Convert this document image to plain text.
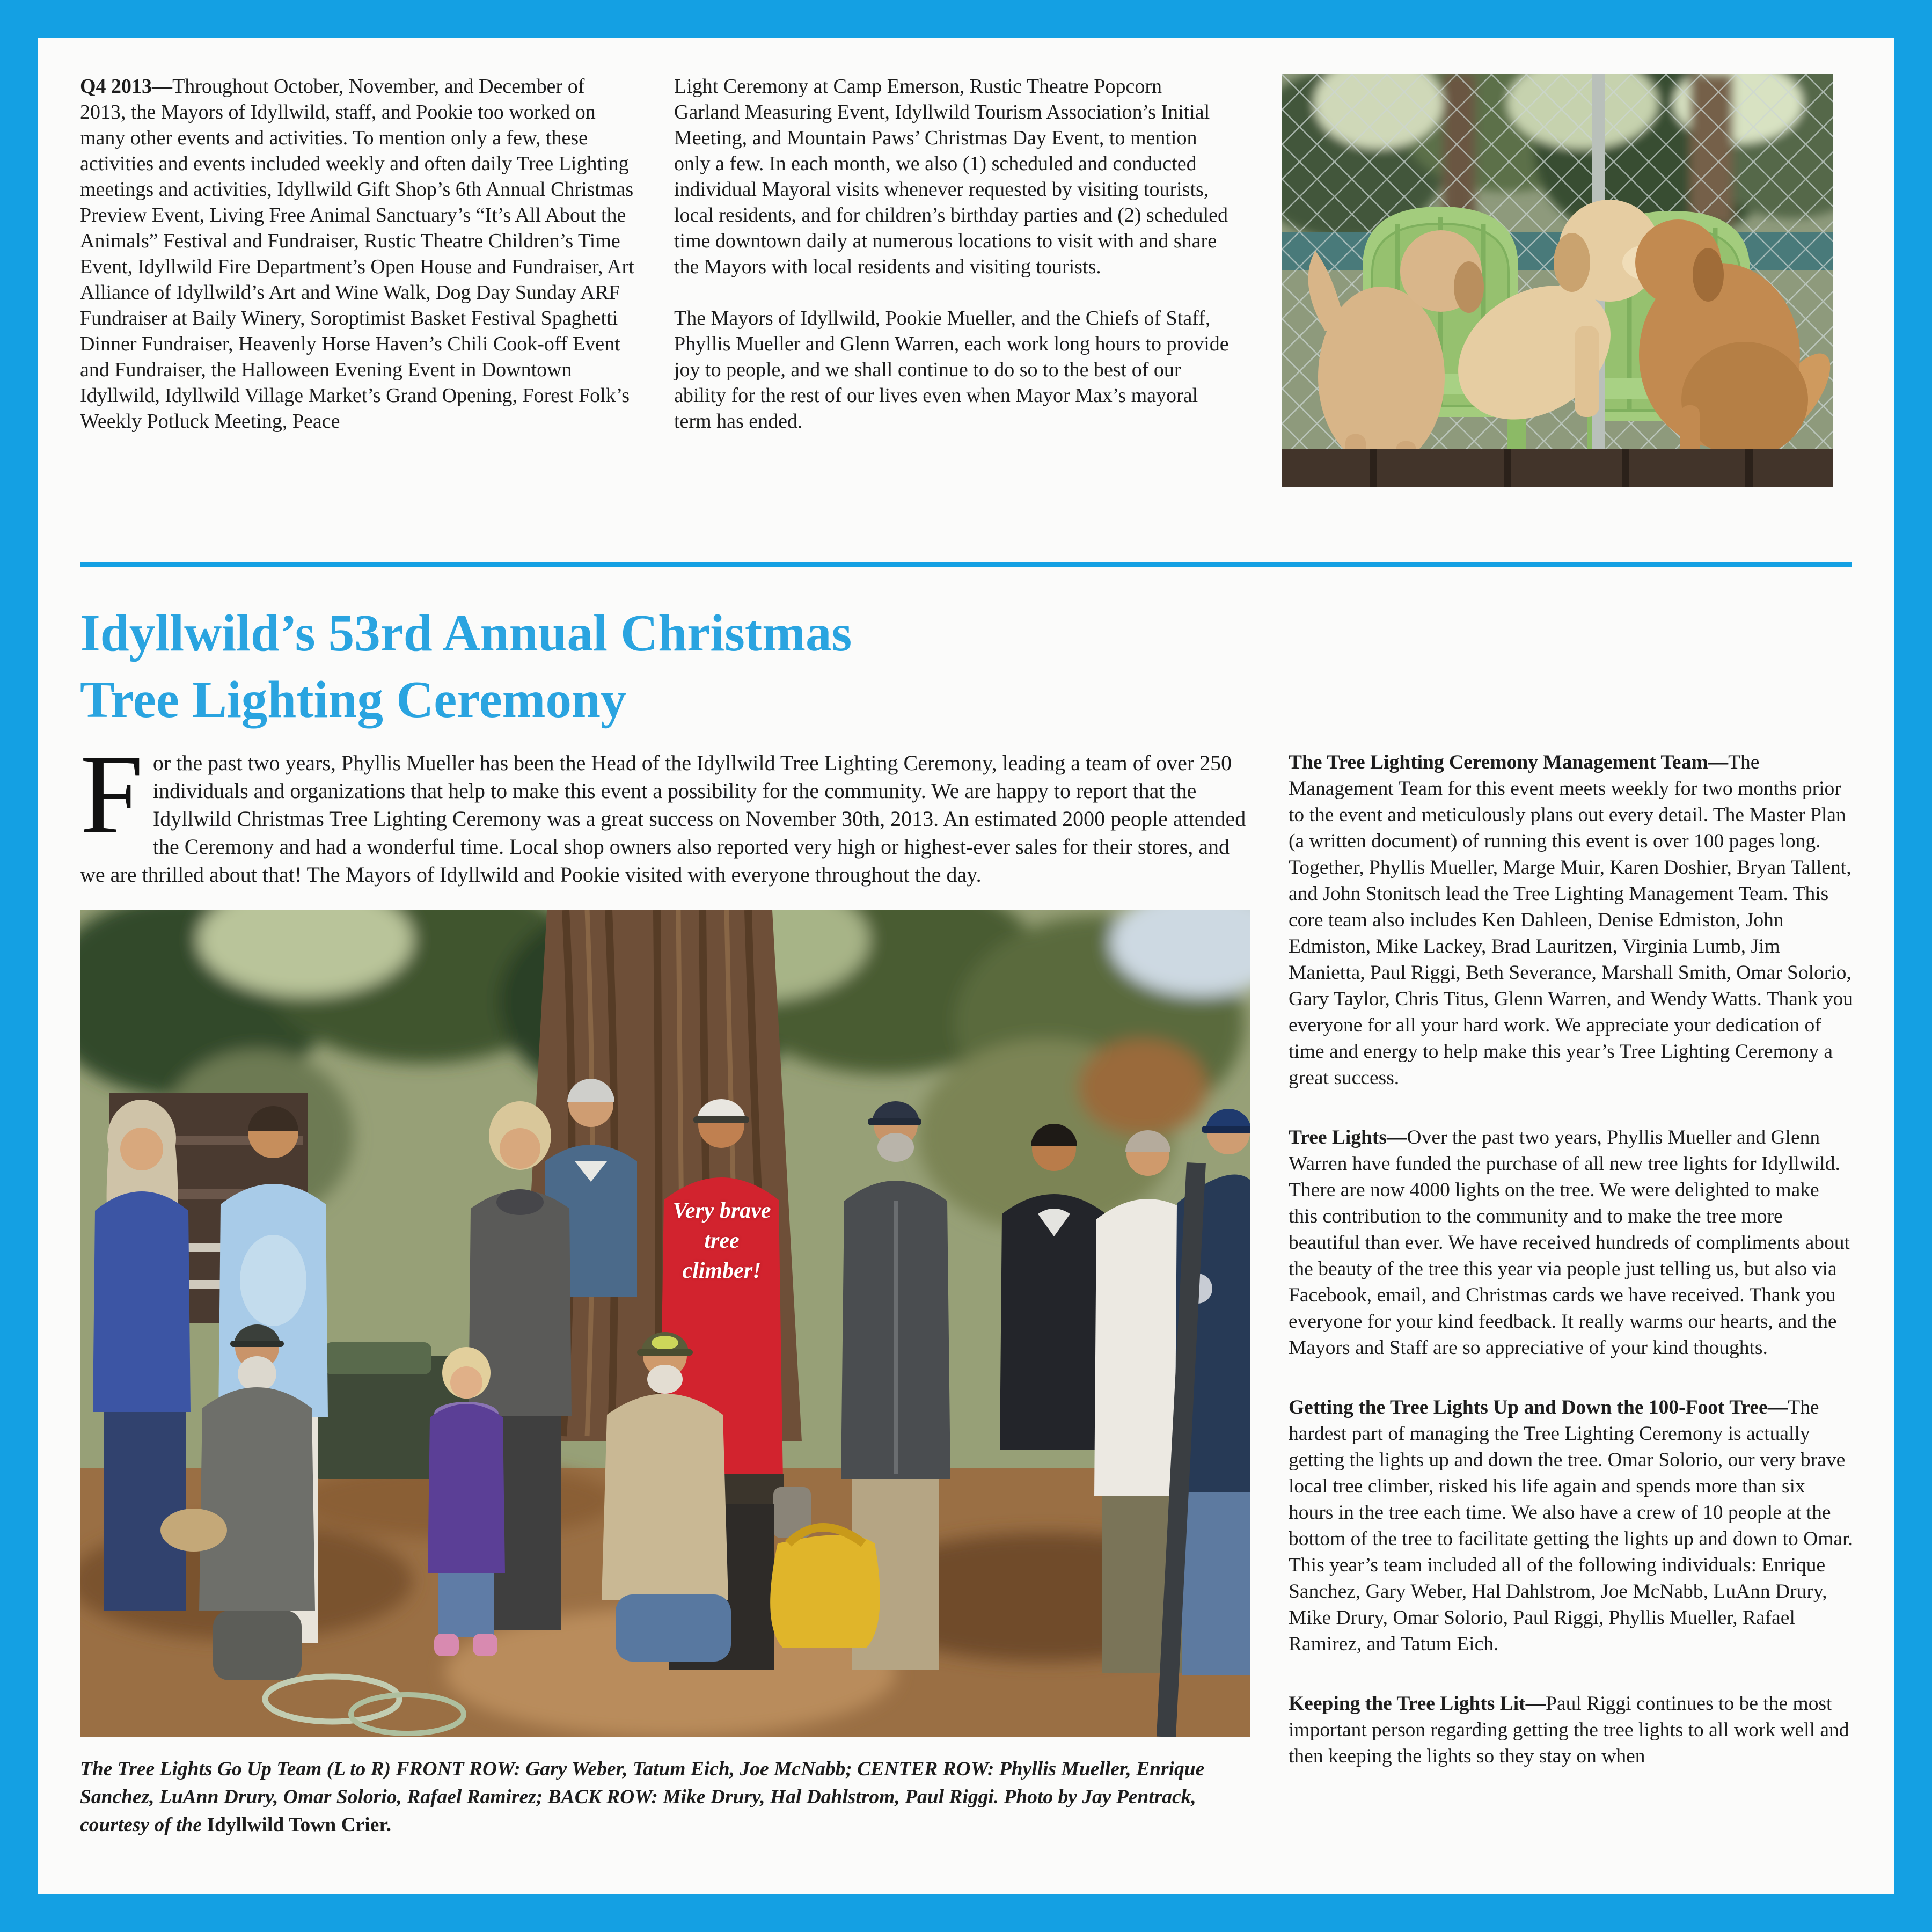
Q4 2013—Throughout October, November, and December of 2013, the Mayors of Idyllwild, staff, and Pookie too worked on many other events and activities. To mention only a few, these activities and events included weekly and often daily Tree Lighting meetings and activities, Idyllwild Gift Shop’s 6th Annual Christmas Preview Event, Living Free Animal Sanctuary’s “It’s All About the Animals” Festival and Fundraiser, Rustic Theatre Children’s Time Event, Idyllwild Fire Department’s Open House and Fundraiser, Art Alliance of Idyllwild’s Art and Wine Walk, Dog Day Sunday ARF Fundraiser at Baily Winery, Soroptimist Basket Festival Spaghetti Dinner Fundraiser, Heavenly Horse Haven’s Chili Cook-off Event and Fundraiser, the Halloween Evening Event in Downtown Idyllwild, Idyllwild Village Market’s Grand Opening, Forest Folk’s Weekly Potluck Meeting, Peace

Light Ceremony at Camp Emerson, Rustic Theatre Popcorn Garland Measuring Event, Idyllwild Tourism Association’s Initial Meeting, and Mountain Paws’ Christmas Day Event, to mention only a few. In each month, we also (1) scheduled and conducted individual Mayoral visits whenever requested by visiting tourists, local residents, and for children’s birthday parties and (2) scheduled time downtown daily at numerous locations to visit with and share the Mayors with local residents and visiting tourists.

The Mayors of Idyllwild, Pookie Mueller, and the Chiefs of Staff, Phyllis Mueller and Glenn Warren, each work long hours to provide joy to people, and we shall continue to do so to the best of our ability for the rest of our lives even when Mayor Max’s mayoral term has ended.

Idyllwild’s 53rd Annual Christmas
Tree Lighting Ceremony

For the past two years, Phyllis Mueller has been the Head of the Idyllwild Tree Lighting Ceremony, leading a team of over 250 individuals and organizations that help to make this event a possibility for the community. We are happy to report that the Idyllwild Christmas Tree Lighting Ceremony was a great success on November 30th, 2013. An estimated 2000 people attended the Ceremony and had a wonderful time. Local shop owners also reported very high or highest-ever sales for their stores, and we are thrilled about that! The Mayors of Idyllwild and Pookie visited with everyone throughout the day.

Very brave
tree
climber!

The Tree Lights Go Up Team (L to R) FRONT ROW: Gary Weber, Tatum Eich, Joe McNabb; CENTER ROW: Phyllis Mueller, Enrique Sanchez, LuAnn Drury, Omar Solorio, Rafael Ramirez; BACK ROW: Mike Drury, Hal Dahlstrom, Paul Riggi. Photo by Jay Pentrack, courtesy of the Idyllwild Town Crier.

The Tree Lighting Ceremony Management Team—The Management Team for this event meets weekly for two months prior to the event and meticulously plans out every detail. The Master Plan (a written document) of running this event is over 100 pages long. Together, Phyllis Mueller, Marge Muir, Karen Doshier, Bryan Tallent, and John Stonitsch lead the Tree Lighting Management Team. This core team also includes Ken Dahleen, Denise Edmiston, John Edmiston, Mike Lackey, Brad Lauritzen, Virginia Lumb, Jim Manietta, Paul Riggi, Beth Severance, Marshall Smith, Omar Solorio, Gary Taylor, Chris Titus, Glenn Warren, and Wendy Watts. Thank you everyone for all your hard work. We appreciate your dedication of time and energy to help make this year’s Tree Lighting Ceremony a great success.

Tree Lights—Over the past two years, Phyllis Mueller and Glenn Warren have funded the purchase of all new tree lights for Idyllwild. There are now 4000 lights on the tree. We were delighted to make this contribution to the community and to make the tree more beautiful than ever. We have received hundreds of compliments about the beauty of the tree this year via people just telling us, but also via Facebook, email, and Christmas cards we have received. Thank you everyone for your kind feedback. It really warms our hearts, and the Mayors and Staff are so appreciative of your kind thoughts.

Getting the Tree Lights Up and Down the 100-Foot Tree—The hardest part of managing the Tree Lighting Ceremony is actually getting the lights up and down the tree. Omar Solorio, our very brave local tree climber, risked his life again and spends more than six hours in the tree each time. We also have a crew of 10 people at the bottom of the tree to facilitate getting the lights up and down to Omar. This year’s team included all of the following individuals: Enrique Sanchez, Gary Weber, Hal Dahlstrom, Joe McNabb, LuAnn Drury, Mike Drury, Omar Solorio, Paul Riggi, Phyllis Mueller, Rafael Ramirez, and Tatum Eich.

Keeping the Tree Lights Lit—Paul Riggi continues to be the most important person regarding getting the tree lights to all work well and then keeping the lights so they stay on when
